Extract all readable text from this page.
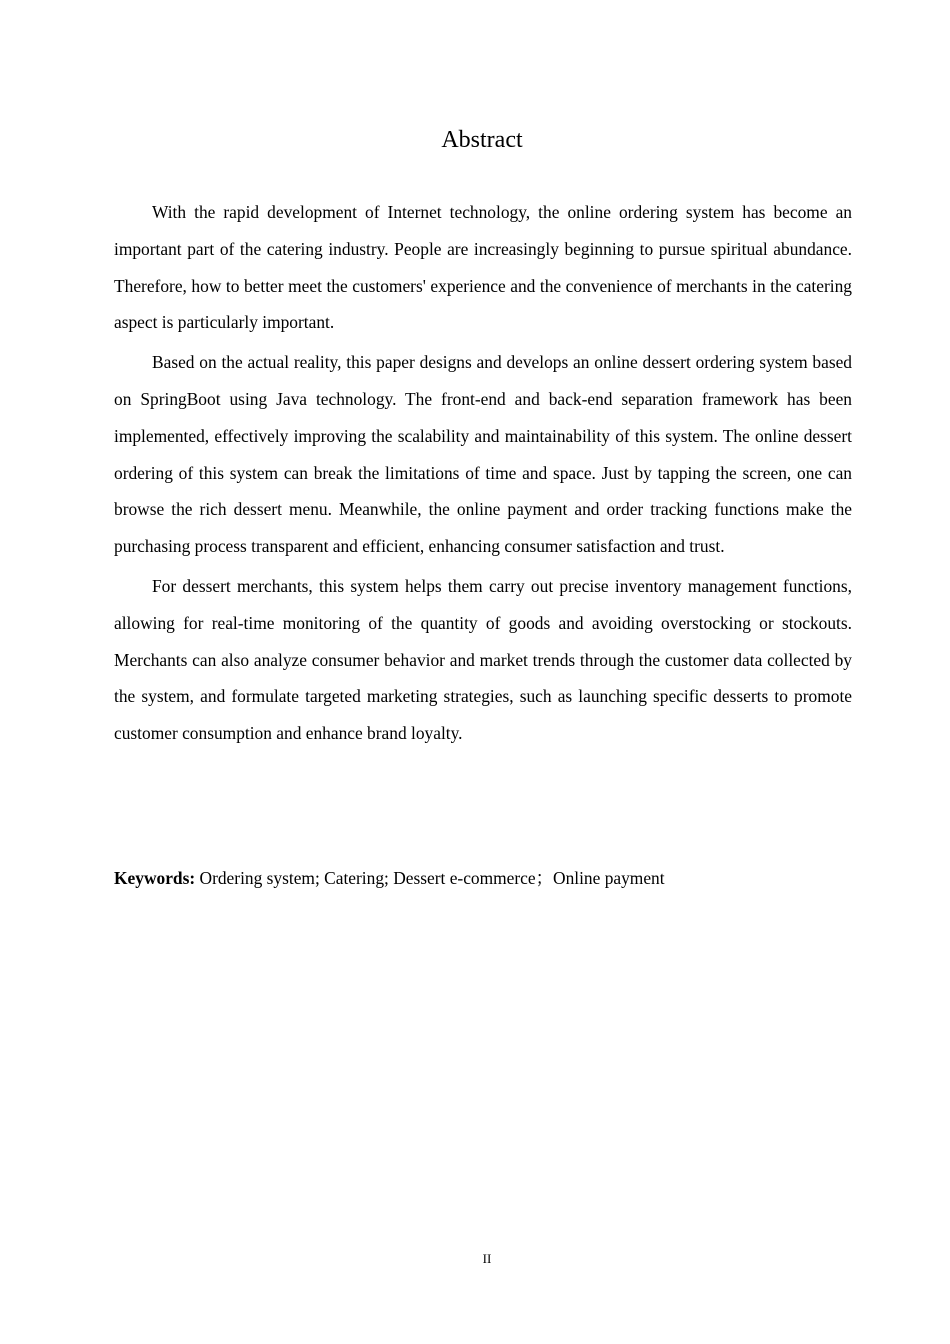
Abstract

With the rapid development of Internet technology, the online ordering system has become an important part of the catering industry. People are increasingly beginning to pursue spiritual abundance. Therefore, how to better meet the customers' experience and the convenience of merchants in the catering aspect is particularly important.

Based on the actual reality, this paper designs and develops an online dessert ordering system based on SpringBoot using Java technology. The front-end and back-end separation framework has been implemented, effectively improving the scalability and maintainability of this system. The online dessert ordering of this system can break the limitations of time and space. Just by tapping the screen, one can browse the rich dessert menu. Meanwhile, the online payment and order tracking functions make the purchasing process transparent and efficient, enhancing consumer satisfaction and trust.

For dessert merchants, this system helps them carry out precise inventory management functions, allowing for real-time monitoring of the quantity of goods and avoiding overstocking or stockouts. Merchants can also analyze consumer behavior and market trends through the customer data collected by the system, and formulate targeted marketing strategies, such as launching specific desserts to promote customer consumption and enhance brand loyalty.

Keywords: Ordering system; Catering; Dessert e-commerce；Online payment

II
